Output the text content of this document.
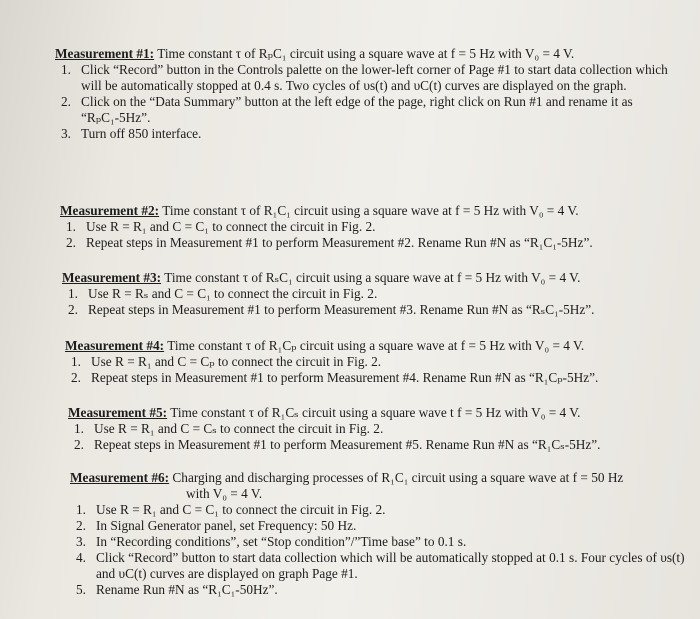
Measurement #1: Time constant τ of RₚC₁ circuit using a square wave at f = 5 Hz with V₀ = 4 V.
1. Click “Record” button in the Controls palette on the lower-left corner of Page #1 to start data collection which will be automatically stopped at 0.4 s. Two cycles of υs(t) and υC(t) curves are displayed on the graph.
2. Click on the “Data Summary” button at the left edge of the page, right click on Run #1 and rename it as “RₚC₁-5Hz”.
3. Turn off 850 interface.
Measurement #2: Time constant τ of R₁C₁ circuit using a square wave at f = 5 Hz with V₀ = 4 V.
1. Use R = R₁ and C = C₁ to connect the circuit in Fig. 2.
2. Repeat steps in Measurement #1 to perform Measurement #2. Rename Run #N as “R₁C₁-5Hz”.
Measurement #3: Time constant τ of RₛC₁ circuit using a square wave at f = 5 Hz with V₀ = 4 V.
1. Use R = Rₛ and C = C₁ to connect the circuit in Fig. 2.
2. Repeat steps in Measurement #1 to perform Measurement #3. Rename Run #N as “RₛC₁-5Hz”.
Measurement #4: Time constant τ of R₁Cₚ circuit using a square wave at f = 5 Hz with V₀ = 4 V.
1. Use R = R₁ and C = Cₚ to connect the circuit in Fig. 2.
2. Repeat steps in Measurement #1 to perform Measurement #4. Rename Run #N as “R₁Cₚ-5Hz”.
Measurement #5: Time constant τ of R₁Cₛ circuit using a square wave t f = 5 Hz with V₀ = 4 V.
1. Use R = R₁ and C = Cₛ to connect the circuit in Fig. 2.
2. Repeat steps in Measurement #1 to perform Measurement #5. Rename Run #N as “R₁Cₛ-5Hz”.
Measurement #6: Charging and discharging processes of R₁C₁ circuit using a square wave at f = 50 Hz
with V₀ = 4 V.
1. Use R = R₁ and C = C₁ to connect the circuit in Fig. 2.
2. In Signal Generator panel, set Frequency: 50 Hz.
3. In “Recording conditions”, set “Stop condition”/”Time base” to 0.1 s.
4. Click “Record” button to start data collection which will be automatically stopped at 0.1 s. Four cycles of υs(t) and υC(t) curves are displayed on graph Page #1.
5. Rename Run #N as “R₁C₁-50Hz”.
